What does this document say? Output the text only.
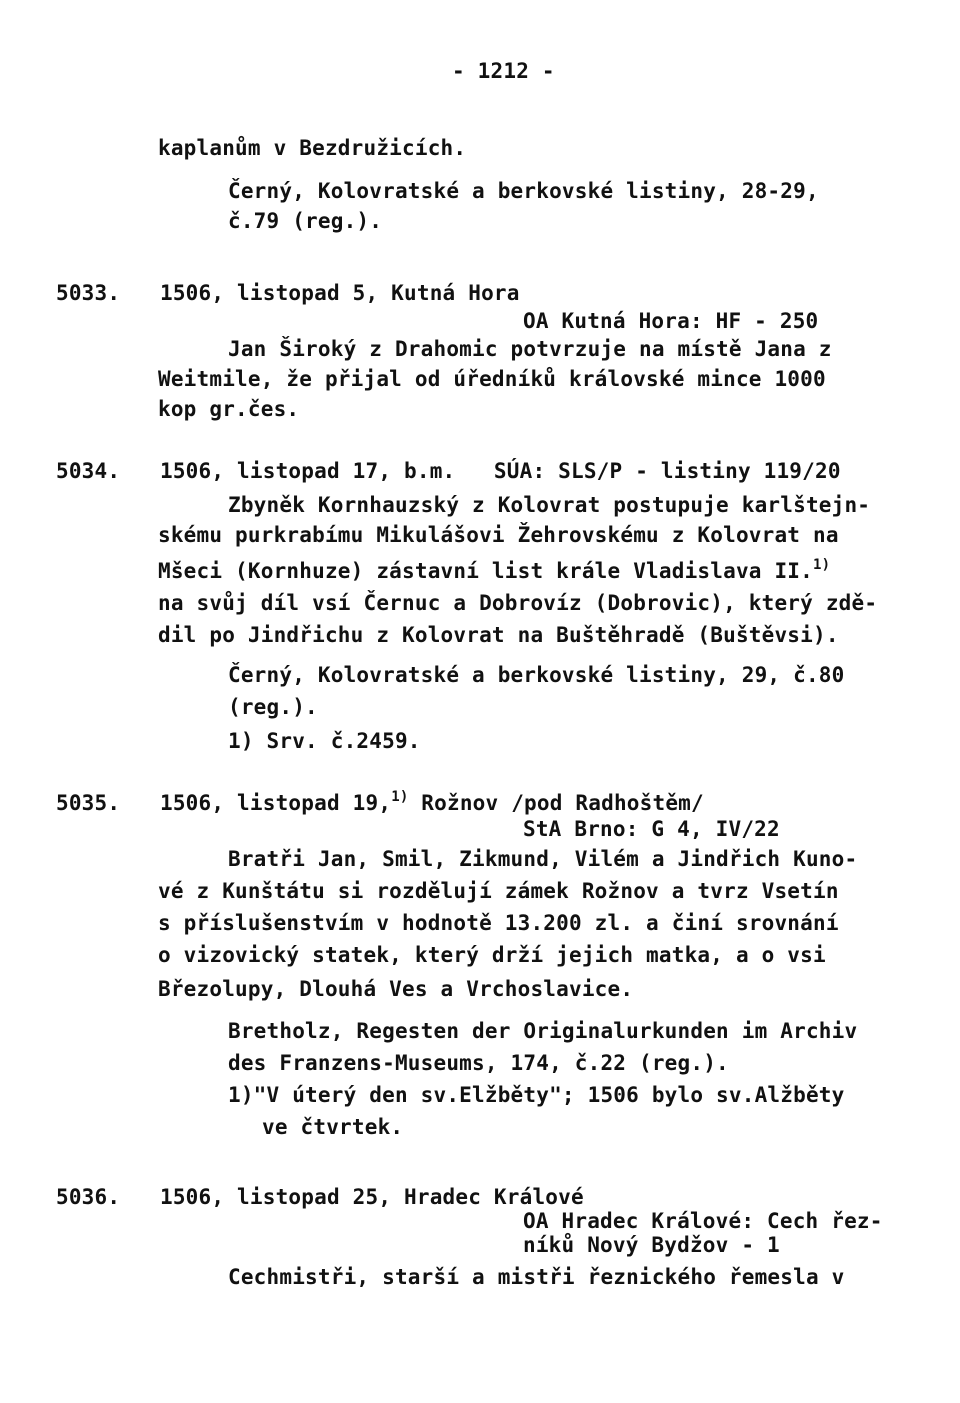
- 1212 -
kaplanům v Bezdružicích.
Černý, Kolovratské a berkovské listiny, 28-29,
č.79 (reg.).
5033. 1506, listopad 5, Kutná Hora
OA Kutná Hora: HF - 250
Jan Široký z Drahomic potvrzuje na místě Jana z
Weitmile, že přijal od úředníků královské mince 1000
kop gr.čes.
5034. 1506, listopad 17, b.m.   SÚA: SLS/P - listiny 119/20
Zbyněk Kornhauzský z Kolovrat postupuje karlštejn-
skému purkrabímu Mikulášovi Žehrovskému z Kolovrat na
Mšeci (Kornhuze) zástavní list krále Vladislava II.$^{1)}$
na svůj díl vsí Černuc a Dobrovíz (Dobrovic), který zdě-
dil po Jindřichu z Kolovrat na Buštěhradě (Buštěvsi).
Černý, Kolovratské a berkovské listiny, 29, č.80
(reg.).
1) Srv. č.2459.
5035. 1506, listopad 19,$^{1)}$ Rožnov /pod Radhoštěm/
StA Brno: G 4, IV/22
Bratři Jan, Smil, Zikmund, Vilém a Jindřich Kuno-
vé z Kunštátu si rozdělují zámek Rožnov a tvrz Vsetín
s příslušenstvím v hodnotě 13.200 zl. a činí srovnání
o vizovický statek, který drží jejich matka, a o vsi
Březolupy, Dlouhá Ves a Vrchoslavice.
Bretholz, Regesten der Originalurkunden im Archiv
des Franzens-Museums, 174, č.22 (reg.).
1)"V úterý den sv.Elžběty"; 1506 bylo sv.Alžběty
ve čtvrtek.
5036. 1506, listopad 25, Hradec Králové
OA Hradec Králové: Cech řez-
níků Nový Bydžov - 1
Cechmistři, starší a mistři řeznického řemesla v
